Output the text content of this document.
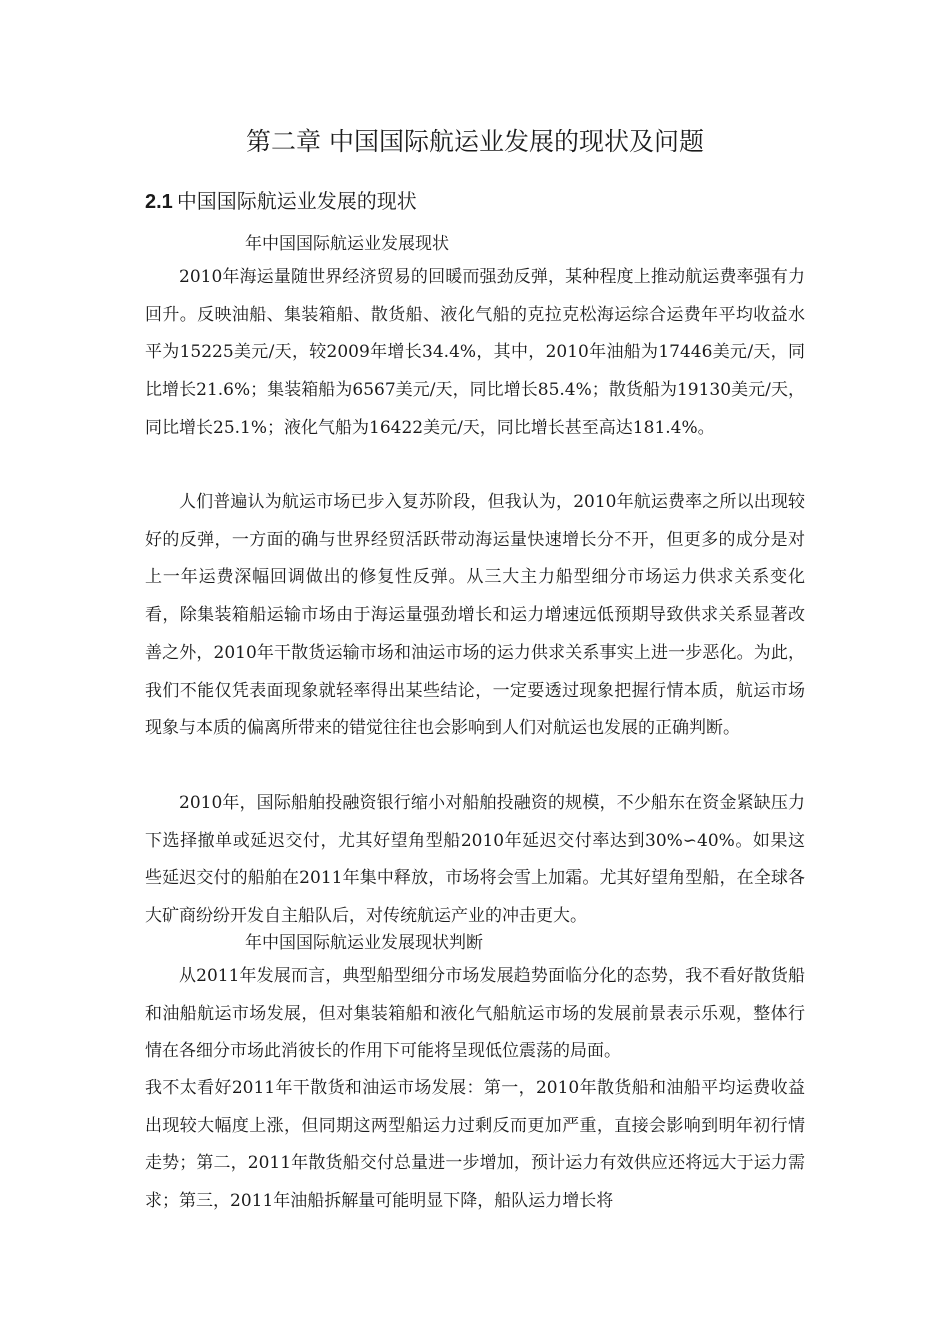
第二章 中国国际航运业发展的现状及问题
2.1 中国国际航运业发展的现状
年中国国际航运业发展现状

2010年海运量随世界经济贸易的回暖而强劲反弹，某种程度上推动航运费率强有力回升。反映油船、集装箱船、散货船、液化气船的克拉克松海运综合运费年平均收益水平为15225美元/天，较2009年增长34.4%，其中，2010年油船为17446美元/天，同比增长21.6%；集装箱船为6567美元/天，同比增长85.4%；散货船为19130美元/天，同比增长25.1%；液化气船为16422美元/天，同比增长甚至高达181.4%。

人们普遍认为航运市场已步入复苏阶段，但我认为，2010年航运费率之所以出现较好的反弹，一方面的确与世界经贸活跃带动海运量快速增长分不开，但更多的成分是对上一年运费深幅回调做出的修复性反弹。从三大主力船型细分市场运力供求关系变化看，除集装箱船运输市场由于海运量强劲增长和运力增速远低预期导致供求关系显著改善之外，2010年干散货运输市场和油运市场的运力供求关系事实上进一步恶化。为此，我们不能仅凭表面现象就轻率得出某些结论，一定要透过现象把握行情本质，航运市场现象与本质的偏离所带来的错觉往往也会影响到人们对航运也发展的正确判断。

2010年，国际船舶投融资银行缩小对船舶投融资的规模，不少船东在资金紧缺压力下选择撤单或延迟交付，尤其好望角型船2010年延迟交付率达到30%∽40%。如果这些延迟交付的船舶在2011年集中释放，市场将会雪上加霜。尤其好望角型船，在全球各大矿商纷纷开发自主船队后，对传统航运产业的冲击更大。

年中国国际航运业发展现状判断

从2011年发展而言，典型船型细分市场发展趋势面临分化的态势，我不看好散货船和油船航运市场发展，但对集装箱船和液化气船航运市场的发展前景表示乐观，整体行情在各细分市场此消彼长的作用下可能将呈现低位震荡的局面。

我不太看好2011年干散货和油运市场发展：第一，2010年散货船和油船平均运费收益出现较大幅度上涨，但同期这两型船运力过剩反而更加严重，直接会影响到明年初行情走势；第二，2011年散货船交付总量进一步增加，预计运力有效供应还将远大于运力需求；第三，2011年油船拆解量可能明显下降，船队运力增长将
